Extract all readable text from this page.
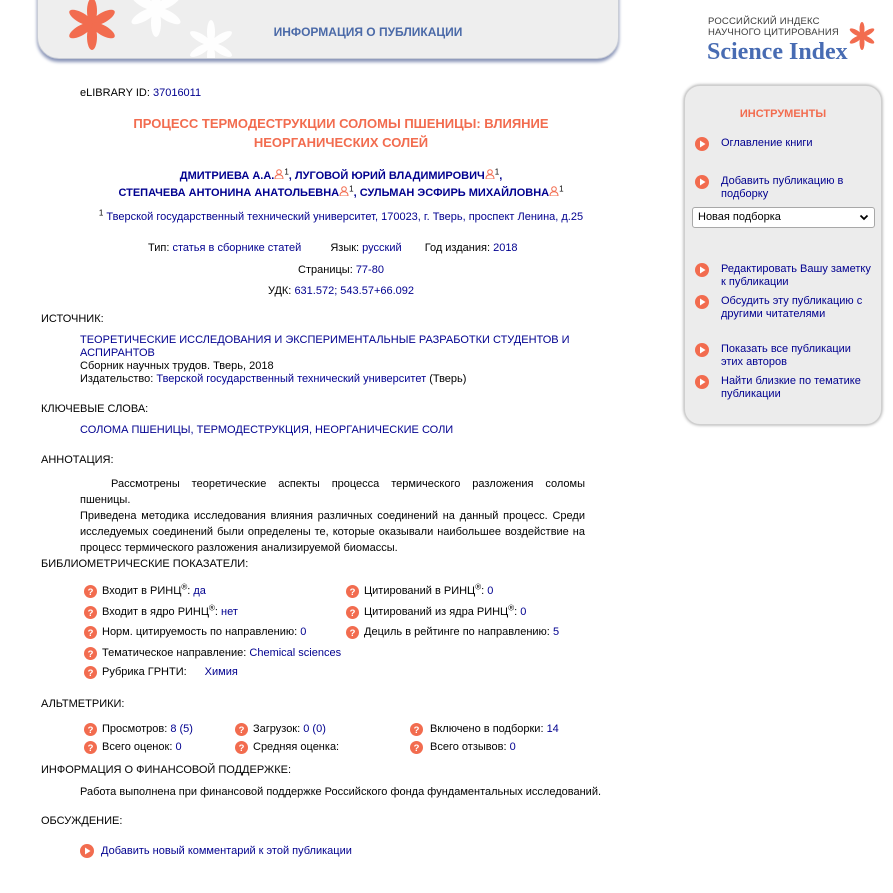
ИНФОРМАЦИЯ О ПУБЛИКАЦИИ
РОССИЙСКИЙ ИНДЕКС
НАУЧНОГО ЦИТИРОВАНИЯ
Science Index
ИНСТРУМЕНТЫ
Оглавление книги
Добавить публикацию в подборку
Новая подборка
Редактировать Вашу заметку к публикации
Обсудить эту публикацию с другими читателями
Показать все публикации этих авторов
Найти близкие по тематике публикации
eLIBRARY ID: 37016011
ПРОЦЕСС ТЕРМОДЕСТРУКЦИИ СОЛОМЫ ПШЕНИЦЫ: ВЛИЯНИЕ
НЕОРГАНИЧЕСКИХ СОЛЕЙ
ДМИТРИЕВА А.А. $^1$, ЛУГОВОЙ ЮРИЙ ВЛАДИМИРОВИЧ $^1$,
СТЕПАЧЕВА АНТОНИНА АНАТОЛЬЕВНА $^1$, СУЛЬМАН ЭСФИРЬ МИХАЙЛОВНА $^1$
$^1$ Тверской государственный технический университет, 170023, г. Тверь, проспект Ленина, д.25
Тип: статья в сборнике статей	Язык: русский Год издания: 2018
Страницы: 77-80
УДК: 631.572; 543.57+66.092
ИСТОЧНИК:
ТЕОРЕТИЧЕСКИЕ ИССЛЕДОВАНИЯ И ЭКСПЕРИМЕНТАЛЬНЫЕ РАЗРАБОТКИ СТУДЕНТОВ И
АСПИРАНТОВ
Сборник научных трудов. Тверь, 2018
Издательство: Тверской государственный технический университет (Тверь)
КЛЮЧЕВЫЕ СЛОВА:
СОЛОМА ПШЕНИЦЫ, ТЕРМОДЕСТРУКЦИЯ, НЕОРГАНИЧЕСКИЕ СОЛИ
АННОТАЦИЯ:
Рассмотрены теоретические аспекты процесса термического разложения соломы пшеницы.
Приведена методика исследования влияния различных соединений на данный процесс. Среди
исследуемых соединений были определены те, которые оказывали наибольшее воздействие на
процесс термического разложения анализируемой биомассы.
БИБЛИОМЕТРИЧЕСКИЕ ПОКАЗАТЕЛИ:
? Входит в РИНЦ®: да	? Цитирований в РИНЦ®: 0
? Входит в ядро РИНЦ®: нет	? Цитирований из ядра РИНЦ®: 0
? Норм. цитируемость по направлению: 0	? Дециль в рейтинге по направлению: 5
? Тематическое направление: Chemical sciences
? Рубрика ГРНТИ: Химия
АЛЬТМЕТРИКИ:
? Просмотров: 8 (5)	? Загрузок: 0 (0)	? Включено в подборки: 14
? Всего оценок: 0	? Средняя оценка:	? Всего отзывов: 0
ИНФОРМАЦИЯ О ФИНАНСОВОЙ ПОДДЕРЖКЕ:
Работа выполнена при финансовой поддержке Российского фонда фундаментальных исследований.
ОБСУЖДЕНИЕ:
Добавить новый комментарий к этой публикации
